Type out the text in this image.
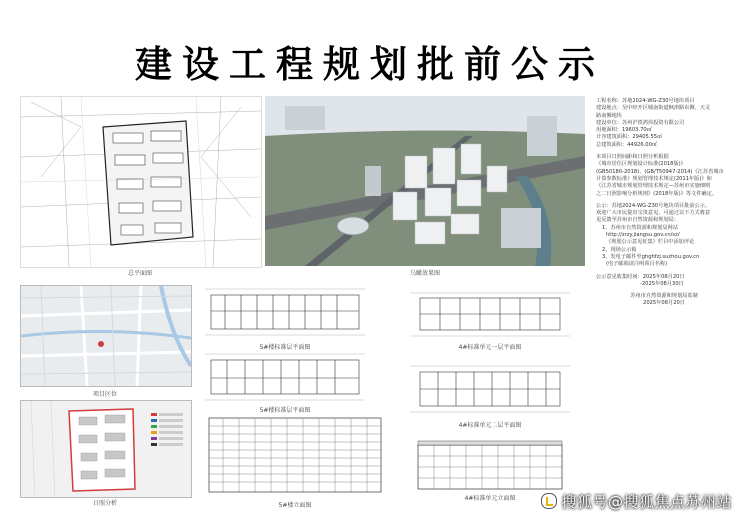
建设工程规划批前公示
总平面图	乌瞰效果图
项目区位
日照分析
5#楼标准层平面图
5#楼标准层平面图
5#楼立面图
4#标准单元一层平面图
4#标准单元二层平面图
4#标准单元立面图
工程名称：苏地2024-WG-Z30号地块项目
建设地点：吴中经开区城南街道枫津路东侧、天灵
路南侧地块
建设单位：苏州沪铁鸿伟投资有限公司
用地面积：19603.70㎡
计容建筑面积：29405.55㎡
总建筑面积：44926.00㎡
本项目日照间距和日照分析根据
《城市居住区规划设计标准(2018版)》
(GB50180-2018)、(GB/T50947-2014)《江苏省城市
计算参数标准》规划管理技术规定(2011年版)》和
《江苏省城市规划管理技术规定—苏州市实施细则
之二日照影响分析规则》(2018年版)》等文件确定。
公示：苏地2024-WG-Z30号地块项目批前公示。
欢迎广大市民提出宝贵意见，可通过以下方式将意
见反馈至苏州市自然资源和规划局：
1、苏州市自然资源和规划局网站
http://zrzy.jiangsu.gov.cn/sz/
《规划公示意见征集》栏目中添加评论
2、现场公示箱
3、发电子邮件至ghghfzj.suzhou.gov.cn
(电子邮箱请注明项目名称)
公示意见收集时间：2025年08月20日
-2025年08月30日
苏州市自然资源和规划局监制
2025年08月20日
搜狐号@搜狐焦点苏州站
